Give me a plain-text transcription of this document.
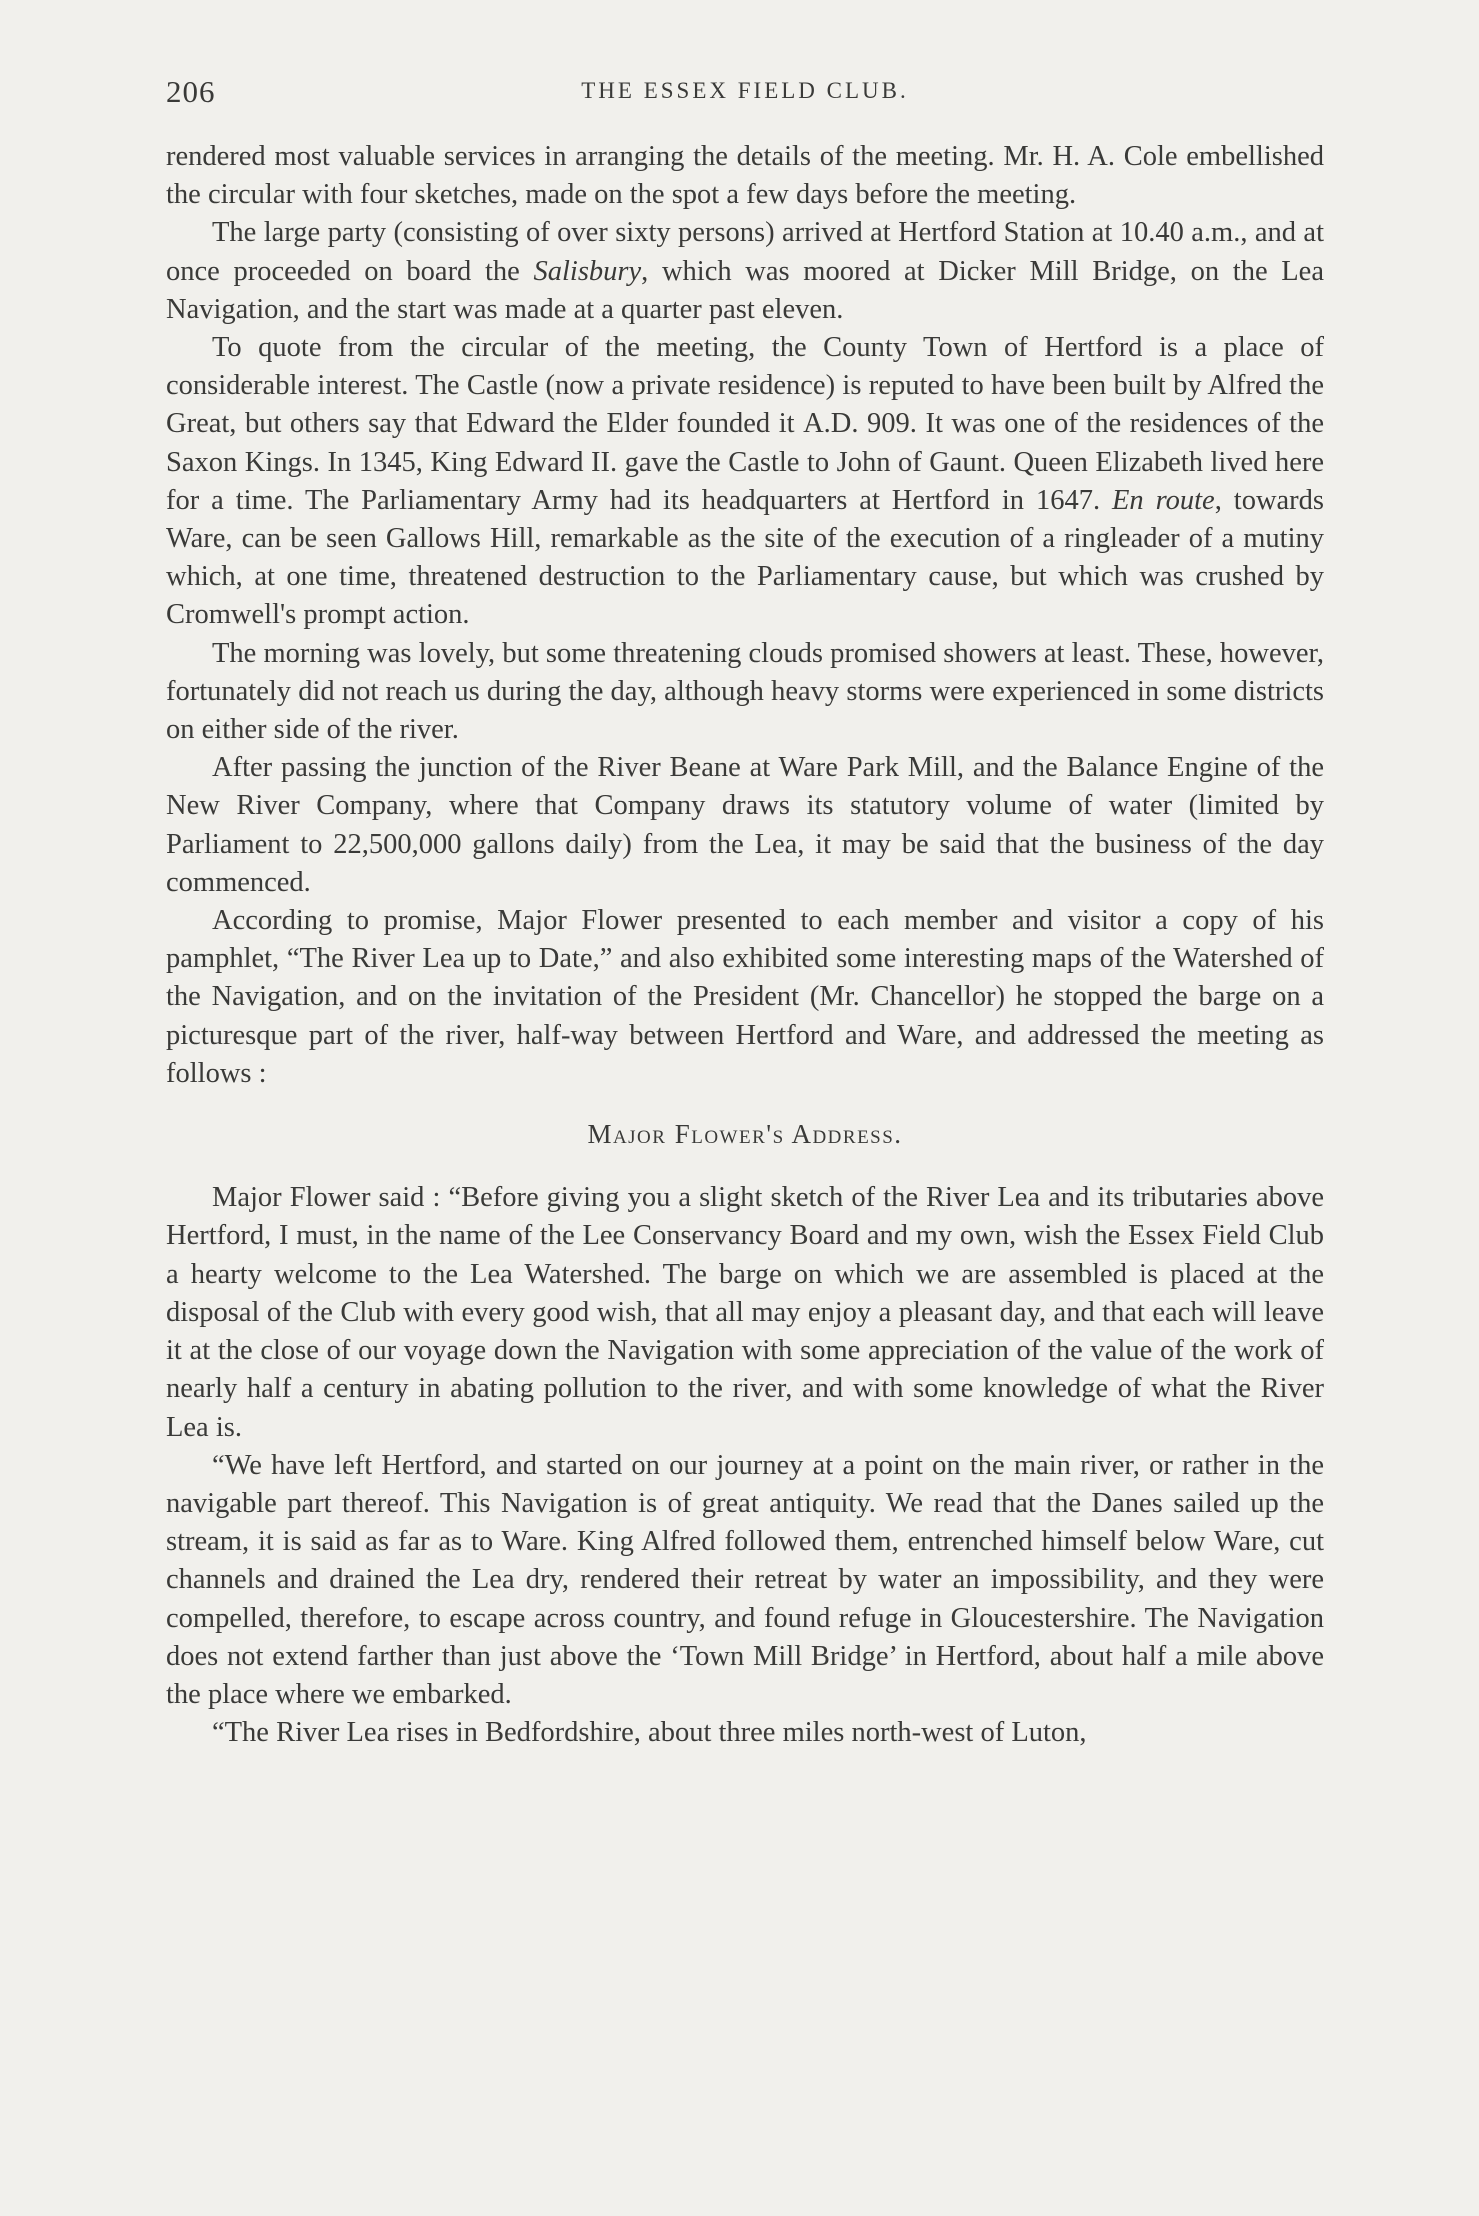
206	THE ESSEX FIELD CLUB.

rendered most valuable services in arranging the details of the meeting. Mr. H. A. Cole embellished the circular with four sketches, made on the spot a few days before the meeting.

The large party (consisting of over sixty persons) arrived at Hertford Station at 10.40 a.m., and at once proceeded on board the Salisbury, which was moored at Dicker Mill Bridge, on the Lea Navigation, and the start was made at a quarter past eleven.

To quote from the circular of the meeting, the County Town of Hertford is a place of considerable interest. The Castle (now a private residence) is reputed to have been built by Alfred the Great, but others say that Edward the Elder founded it A.D. 909. It was one of the residences of the Saxon Kings. In 1345, King Edward II. gave the Castle to John of Gaunt. Queen Elizabeth lived here for a time. The Parliamentary Army had its headquarters at Hertford in 1647. En route, towards Ware, can be seen Gallows Hill, remarkable as the site of the execution of a ringleader of a mutiny which, at one time, threatened destruction to the Parliamentary cause, but which was crushed by Cromwell's prompt action.

The morning was lovely, but some threatening clouds promised showers at least. These, however, fortunately did not reach us during the day, although heavy storms were experienced in some districts on either side of the river.

After passing the junction of the River Beane at Ware Park Mill, and the Balance Engine of the New River Company, where that Company draws its statutory volume of water (limited by Parliament to 22,500,000 gallons daily) from the Lea, it may be said that the business of the day commenced.

According to promise, Major Flower presented to each member and visitor a copy of his pamphlet, “The River Lea up to Date,” and also exhibited some interesting maps of the Watershed of the Navigation, and on the invitation of the President (Mr. Chancellor) he stopped the barge on a picturesque part of the river, half-way between Hertford and Ware, and addressed the meeting as follows :

Major Flower's Address.

Major Flower said : “Before giving you a slight sketch of the River Lea and its tributaries above Hertford, I must, in the name of the Lee Conservancy Board and my own, wish the Essex Field Club a hearty welcome to the Lea Watershed. The barge on which we are assembled is placed at the disposal of the Club with every good wish, that all may enjoy a pleasant day, and that each will leave it at the close of our voyage down the Navigation with some appreciation of the value of the work of nearly half a century in abating pollution to the river, and with some knowledge of what the River Lea is.

“We have left Hertford, and started on our journey at a point on the main river, or rather in the navigable part thereof. This Navigation is of great antiquity. We read that the Danes sailed up the stream, it is said as far as to Ware. King Alfred followed them, entrenched himself below Ware, cut channels and drained the Lea dry, rendered their retreat by water an impossibility, and they were compelled, therefore, to escape across country, and found refuge in Gloucestershire. The Navigation does not extend farther than just above the ‘Town Mill Bridge’ in Hertford, about half a mile above the place where we embarked.

“The River Lea rises in Bedfordshire, about three miles north-west of Luton,
